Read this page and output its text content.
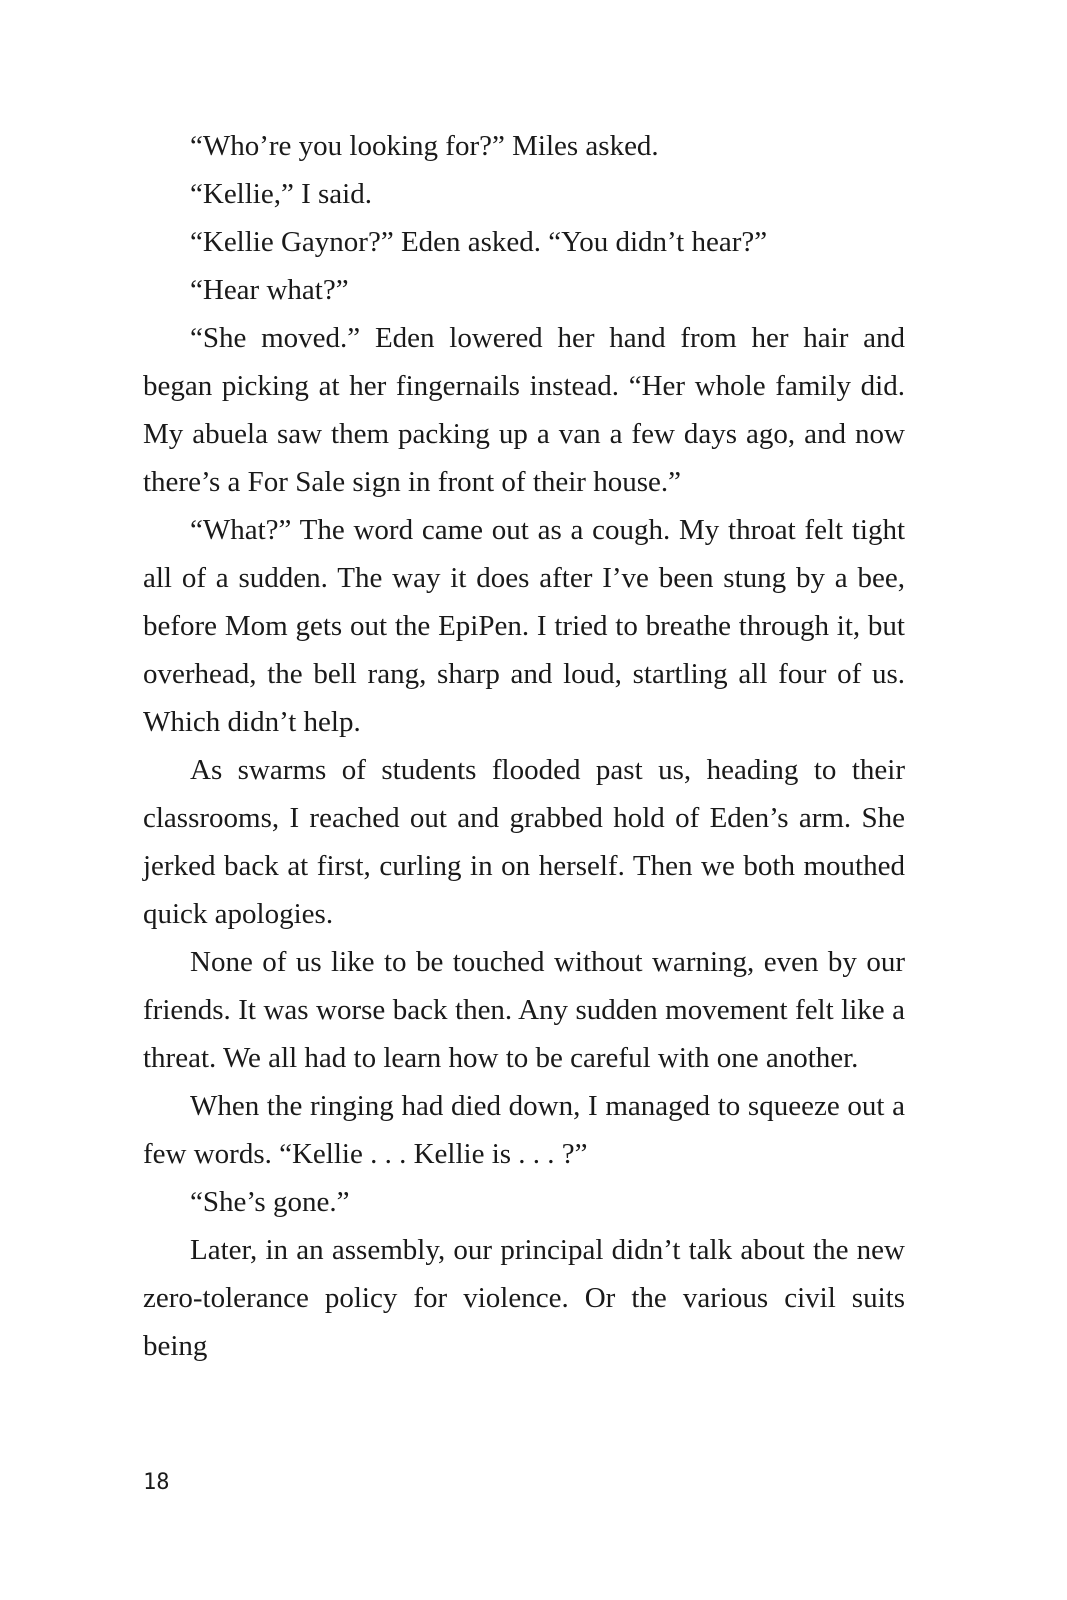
“Who’re you looking for?” Miles asked.

“Kellie,” I said.

“Kellie Gaynor?” Eden asked. “You didn’t hear?”

“Hear what?”

“She moved.” Eden lowered her hand from her hair and began picking at her fingernails instead. “Her whole family did. My abuela saw them packing up a van a few days ago, and now there’s a For Sale sign in front of their house.”

“What?” The word came out as a cough. My throat felt tight all of a sudden. The way it does after I’ve been stung by a bee, before Mom gets out the EpiPen. I tried to breathe through it, but overhead, the bell rang, sharp and loud, startling all four of us. Which didn’t help.

As swarms of students flooded past us, heading to their classrooms, I reached out and grabbed hold of Eden’s arm. She jerked back at first, curling in on herself. Then we both mouthed quick apologies.

None of us like to be touched without warning, even by our friends. It was worse back then. Any sudden movement felt like a threat. We all had to learn how to be careful with one another.

When the ringing had died down, I managed to squeeze out a few words. “Kellie . . . Kellie is . . . ?”

“She’s gone.”

Later, in an assembly, our principal didn’t talk about the new zero-tolerance policy for violence. Or the various civil suits being

18
